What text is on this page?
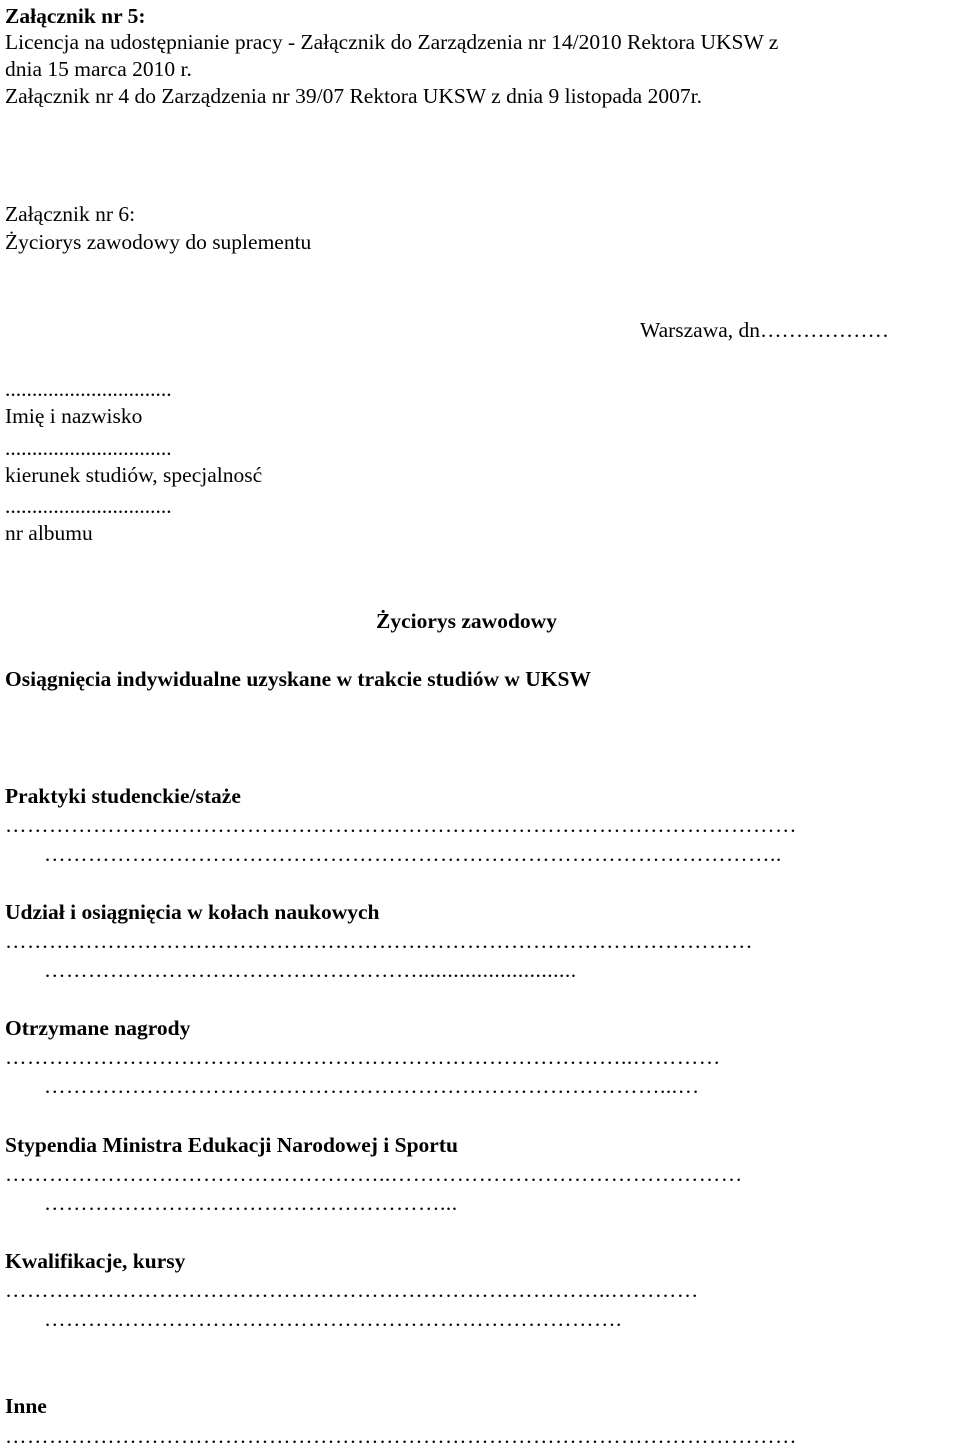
Załącznik nr 5:
Licencja na udostępnianie pracy - Załącznik do Zarządzenia nr 14/2010 Rektora UKSW z
dnia 15 marca 2010 r.
Załącznik nr 4 do Zarządzenia nr 39/07 Rektora UKSW z dnia 9 listopada 2007r.
Załącznik nr 6:
Życiorys zawodowy do suplementu
Warszawa, dn………………
...............................
Imię i nazwisko
...............................
kierunek studiów, specjalnosć
...............................
nr albumu
Życiorys zawodowy
Osiągnięcia indywidualne uzyskane w trakcie studiów w UKSW
Praktyki studenckie/staże
………………………………………………………………………………………………
………………………………………………………………………………………..
Udział i osiągnięcia w kołach naukowych
…………………………………………………………………………………………
……………………………………………...........................
Otrzymane nagrody
…………………………………………………………………………..…………
…………………………………………………………………………...…
Stypendia Ministra Edukacji Narodowej i Sportu
……………………………………………..…………………………………………
………………………………………………...
Kwalifikacje, kursy
………………………………………………………………………..…………
…………………………………………………………………….
Inne
………………………………………………………………………………………………
